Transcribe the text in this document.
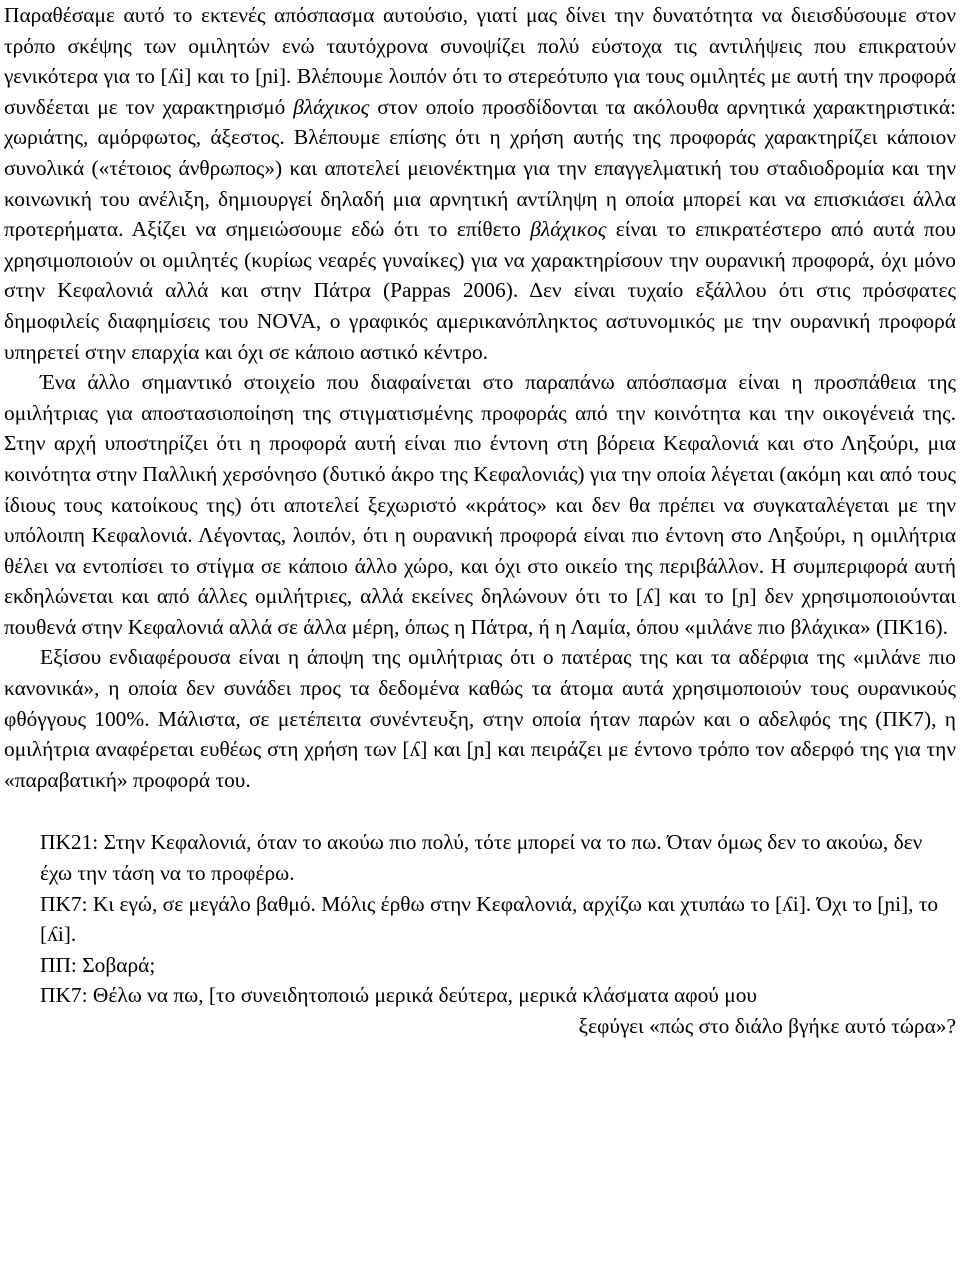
Παραθέσαμε αυτό το εκτενές απόσπασμα αυτούσιο, γιατί μας δίνει την δυνατότητα να διεισδύσουμε στον τρόπο σκέψης των ομιλητών ενώ ταυτόχρονα συνοψίζει πολύ εύστοχα τις αντιλήψεις που επικρατούν γενικότερα για το [ʎi] και το [ɲi]. Βλέπουμε λοιπόν ότι το στερεότυπο για τους ομιλητές με αυτή την προφορά συνδέεται με τον χαρακτηρισμό βλάχικος στον οποίο προσδίδονται τα ακόλουθα αρνητικά χαρακτηριστικά: χωριάτης, αμόρφωτος, άξεστος. Βλέπουμε επίσης ότι η χρήση αυτής της προφοράς χαρακτηρίζει κάποιον συνολικά («τέτοιος άνθρωπος») και αποτελεί μειονέκτημα για την επαγγελματική του σταδιοδρομία και την κοινωνική του ανέλιξη, δημιουργεί δηλαδή μια αρνητική αντίληψη η οποία μπορεί και να επισκιάσει άλλα προτερήματα. Αξίζει να σημειώσουμε εδώ ότι το επίθετο βλάχικος είναι το επικρατέστερο από αυτά που χρησιμοποιούν οι ομιλητές (κυρίως νεαρές γυναίκες) για να χαρακτηρίσουν την ουρανική προφορά, όχι μόνο στην Κεφαλονιά αλλά και στην Πάτρα (Pappas 2006). Δεν είναι τυχαίο εξάλλου ότι στις πρόσφατες δημοφιλείς διαφημίσεις του NOVA, ο γραφικός αμερικανόπληκτος αστυνομικός με την ουρανική προφορά υπηρετεί στην επαρχία και όχι σε κάποιο αστικό κέντρο.

Ένα άλλο σημαντικό στοιχείο που διαφαίνεται στο παραπάνω απόσπασμα είναι η προσπάθεια της ομιλήτριας για αποστασιοποίηση της στιγματισμένης προφοράς από την κοινότητα και την οικογένειά της. Στην αρχή υποστηρίζει ότι η προφορά αυτή είναι πιο έντονη στη βόρεια Κεφαλονιά και στο Ληξούρι, μια κοινότητα στην Παλλική χερσόνησο (δυτικό άκρο της Κεφαλονιάς) για την οποία λέγεται (ακόμη και από τους ίδιους τους κατοίκους της) ότι αποτελεί ξεχωριστό «κράτος» και δεν θα πρέπει να συγκαταλέγεται με την υπόλοιπη Κεφαλονιά. Λέγοντας, λοιπόν, ότι η ουρανική προφορά είναι πιο έντονη στο Ληξούρι, η ομιλήτρια θέλει να εντοπίσει το στίγμα σε κάποιο άλλο χώρο, και όχι στο οικείο της περιβάλλον. Η συμπεριφορά αυτή εκδηλώνεται και από άλλες ομιλήτριες, αλλά εκείνες δηλώνουν ότι το [ʎ] και το [ɲ] δεν χρησιμοποιούνται πουθενά στην Κεφαλονιά αλλά σε άλλα μέρη, όπως η Πάτρα, ή η Λαμία, όπου «μιλάνε πιο βλάχικα» (ΠΚ16).

Εξίσου ενδιαφέρουσα είναι η άποψη της ομιλήτριας ότι ο πατέρας της και τα αδέρφια της «μιλάνε πιο κανονικά», η οποία δεν συνάδει προς τα δεδομένα καθώς τα άτομα αυτά χρησιμοποιούν τους ουρανικούς φθόγγους 100%. Μάλιστα, σε μετέπειτα συνέντευξη, στην οποία ήταν παρών και ο αδελφός της (ΠΚ7), η ομιλήτρια αναφέρεται ευθέως στη χρήση των [ʎ] και [ɲ] και πειράζει με έντονο τρόπο τον αδερφό της για την «παραβατική» προφορά του.

ΠΚ21: Στην Κεφαλονιά, όταν το ακούω πιο πολύ, τότε μπορεί να το πω. Όταν όμως δεν το ακούω, δεν έχω την τάση να το προφέρω.

ΠΚ7: Κι εγώ, σε μεγάλο βαθμό. Μόλις έρθω στην Κεφαλονιά, αρχίζω και χτυπάω το [ʎi]. Όχι το [ɲi], το [ʎi].

ΠΠ: Σοβαρά;

ΠΚ7: Θέλω να πω, [το συνειδητοποιώ μερικά δεύτερα, μερικά κλάσματα αφού μου
ξεφύγει «πώς στο διάλο βγήκε αυτό τώρα»?
